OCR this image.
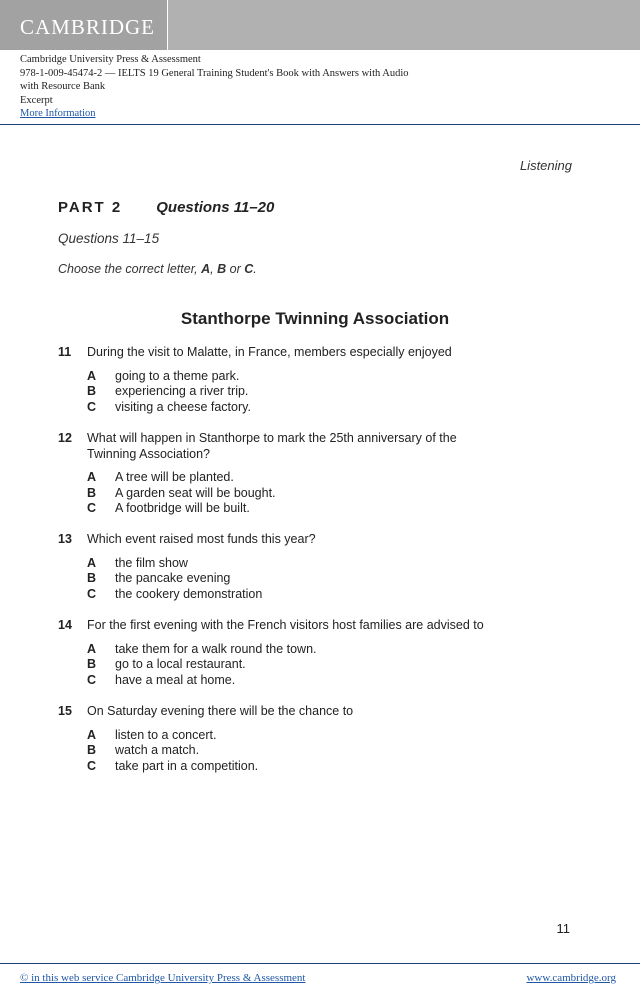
CAMBRIDGE
Cambridge University Press & Assessment
978-1-009-45474-2 — IELTS 19 General Training Student's Book with Answers with Audio
with Resource Bank
Excerpt
More Information
Listening
PART 2 Questions 11–20
Questions 11–15
Choose the correct letter, A, B or C.
Stanthorpe Twinning Association
11 During the visit to Malatte, in France, members especially enjoyed
A going to a theme park.
B experiencing a river trip.
C visiting a cheese factory.
12 What will happen in Stanthorpe to mark the 25th anniversary of the Twinning Association?
A A tree will be planted.
B A garden seat will be bought.
C A footbridge will be built.
13 Which event raised most funds this year?
A the film show
B the pancake evening
C the cookery demonstration
14 For the first evening with the French visitors host families are advised to
A take them for a walk round the town.
B go to a local restaurant.
C have a meal at home.
15 On Saturday evening there will be the chance to
A listen to a concert.
B watch a match.
C take part in a competition.
11
© in this web service Cambridge University Press & Assessment	www.cambridge.org
